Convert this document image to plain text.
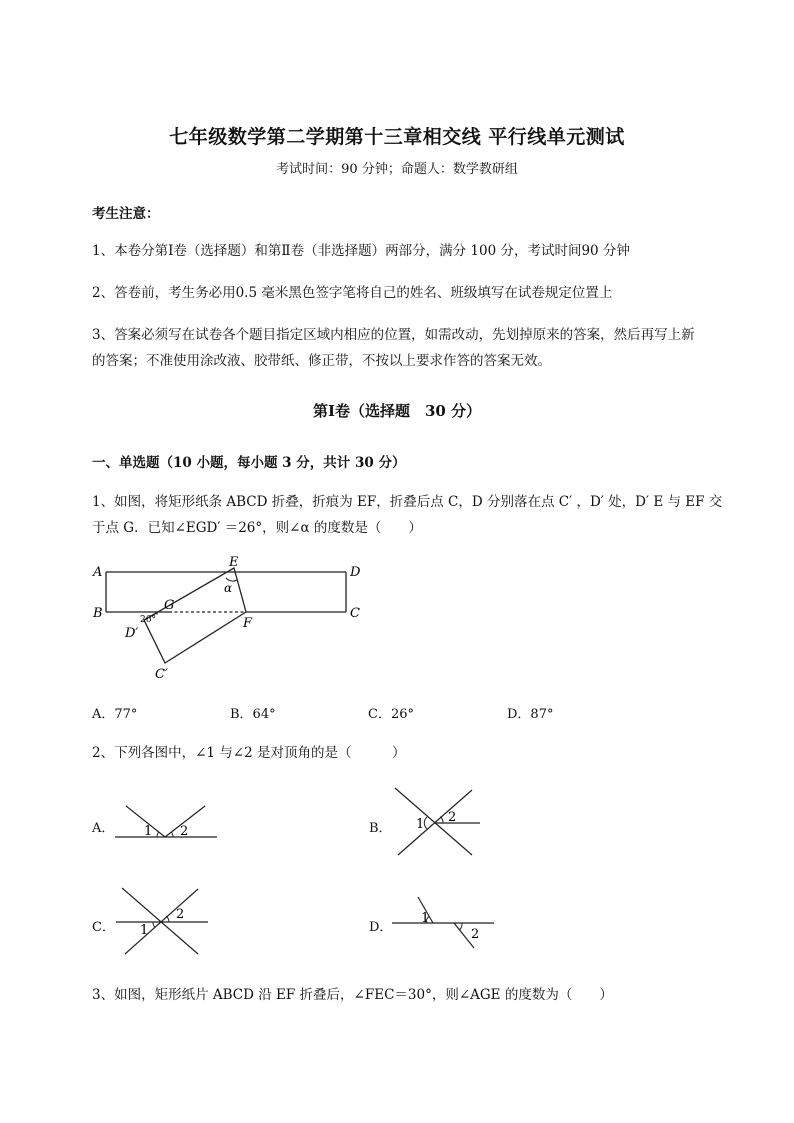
七年级数学第二学期第十三章相交线 平行线单元测试
考试时间：90 分钟；命题人：数学教研组
考生注意：
1、本卷分第Ⅰ卷（选择题）和第Ⅱ卷（非选择题）两部分，满分 100 分，考试时间90 分钟
2、答卷前，考生务必用0.5 毫米黑色签字笔将自己的姓名、班级填写在试卷规定位置上
3、答案必须写在试卷各个题目指定区域内相应的位置，如需改动，先划掉原来的答案，然后再写上新
的答案；不准使用涂改液、胶带纸、修正带，不按以上要求作答的答案无效。
第Ⅰ卷（选择题　30 分）
一、单选题（10 小题，每小题 3 分，共计 30 分）
1、如图，将矩形纸条 ABCD 折叠，折痕为 EF，折叠后点 C，D 分别落在点 C′ ，D′ 处，D′ E 与 EF 交
于点 G．已知∠EGD′ ＝26°，则∠α 的度数是（　　）
A
B	C
D
E
F
G
C′
D′
α
26°
A．77°	B．64°	C．26°	D．87°
2、下列各图中，∠1 与∠2 是对顶角的是（　　　）
A． 1 2	B． 1 2
C． 1
2
D．
1
2
3、如图，矩形纸片 ABCD 沿 EF 折叠后，∠FEC＝30°，则∠AGE 的度数为（　　）
